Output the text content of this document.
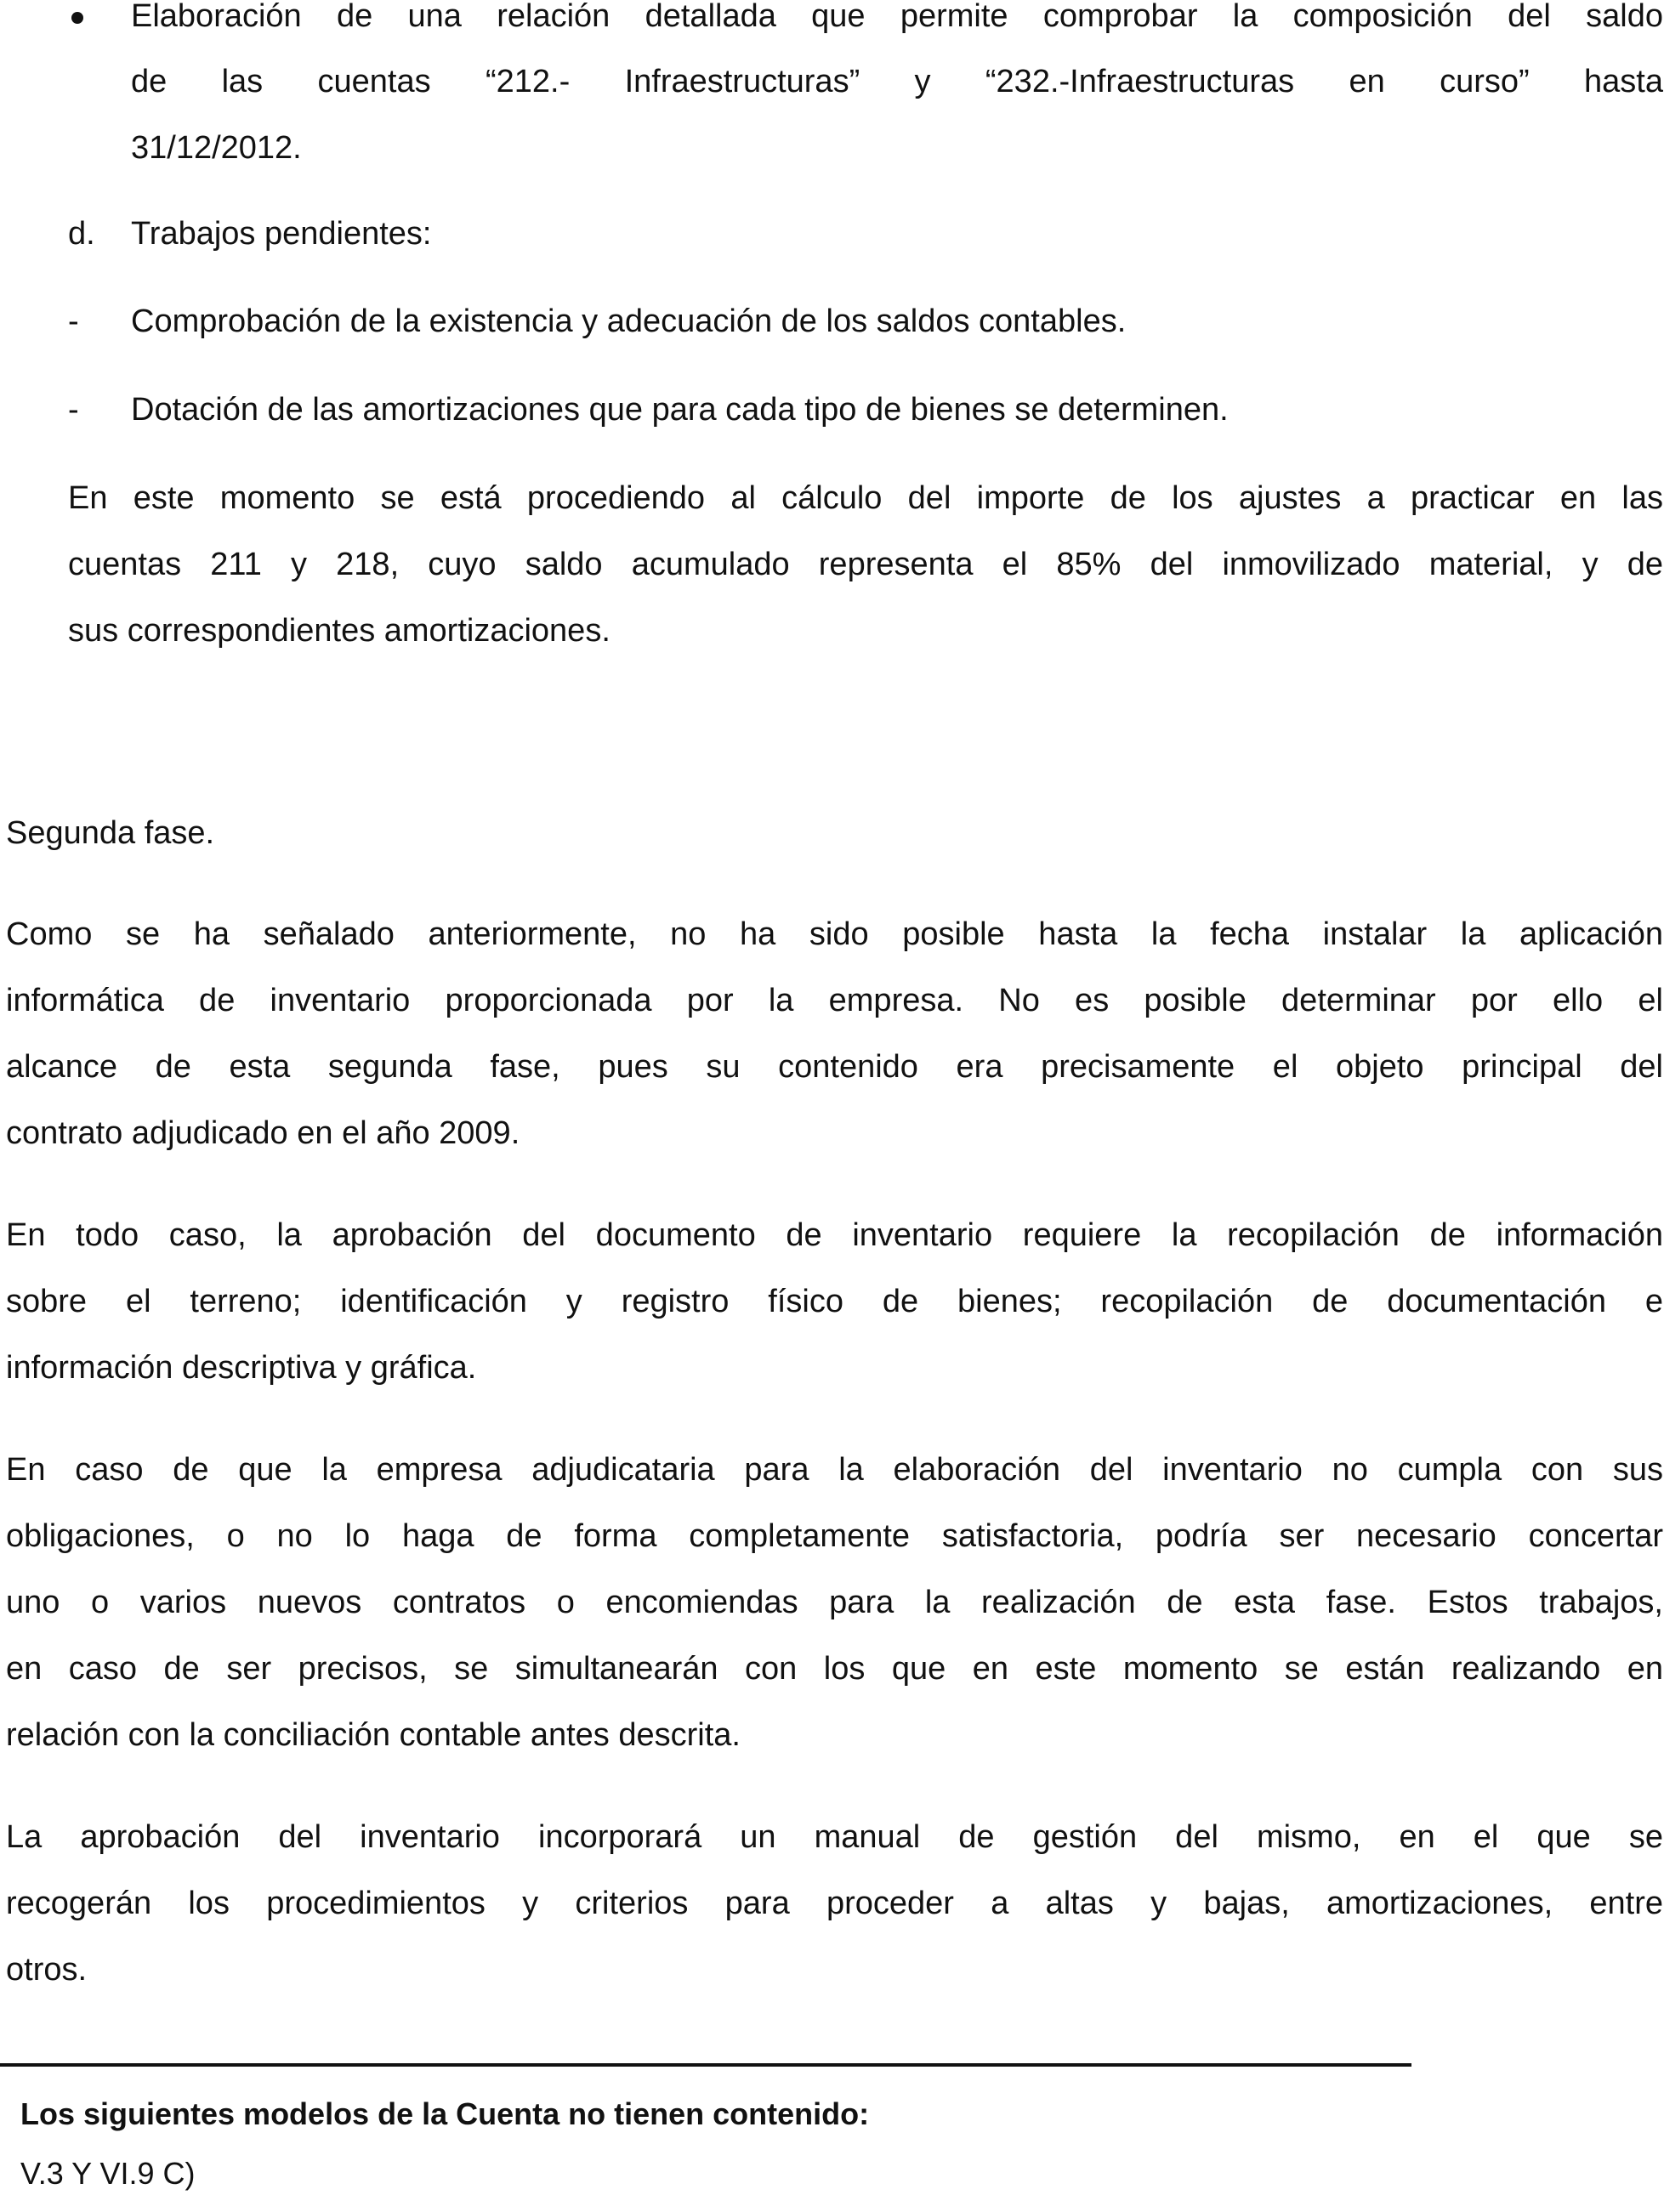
Elaboración de una relación detallada que permite comprobar la composición del saldo
de las cuentas “212.- Infraestructuras” y “232.-Infraestructuras en curso” hasta
31/12/2012.
d. Trabajos pendientes:
- Comprobación de la existencia y adecuación de los saldos contables.
- Dotación de las amortizaciones que para cada tipo de bienes se determinen.
En este momento se está procediendo al cálculo del importe de los ajustes a practicar en las
cuentas 211 y 218, cuyo saldo acumulado representa el 85% del inmovilizado material, y de
sus correspondientes amortizaciones.
Segunda fase.
Como se ha señalado anteriormente, no ha sido posible hasta la fecha instalar la aplicación
informática de inventario proporcionada por la empresa. No es posible determinar por ello el
alcance de esta segunda fase, pues su contenido era precisamente el objeto principal del
contrato adjudicado en el año 2009.
En todo caso, la aprobación del documento de inventario requiere la recopilación de información
sobre el terreno; identificación y registro físico de bienes; recopilación de documentación e
información descriptiva y gráfica.
En caso de que la empresa adjudicataria para la elaboración del inventario no cumpla con sus
obligaciones, o no lo haga de forma completamente satisfactoria, podría ser necesario concertar
uno o varios nuevos contratos o encomiendas para la realización de esta fase. Estos trabajos,
en caso de ser precisos, se simultanearán con los que en este momento se están realizando en
relación con la conciliación contable antes descrita.
La aprobación del inventario incorporará un manual de gestión del mismo, en el que se
recogerán los procedimientos y criterios para proceder a altas y bajas, amortizaciones, entre
otros.
Los siguientes modelos de la Cuenta no tienen contenido:
V.3 Y VI.9 C)
